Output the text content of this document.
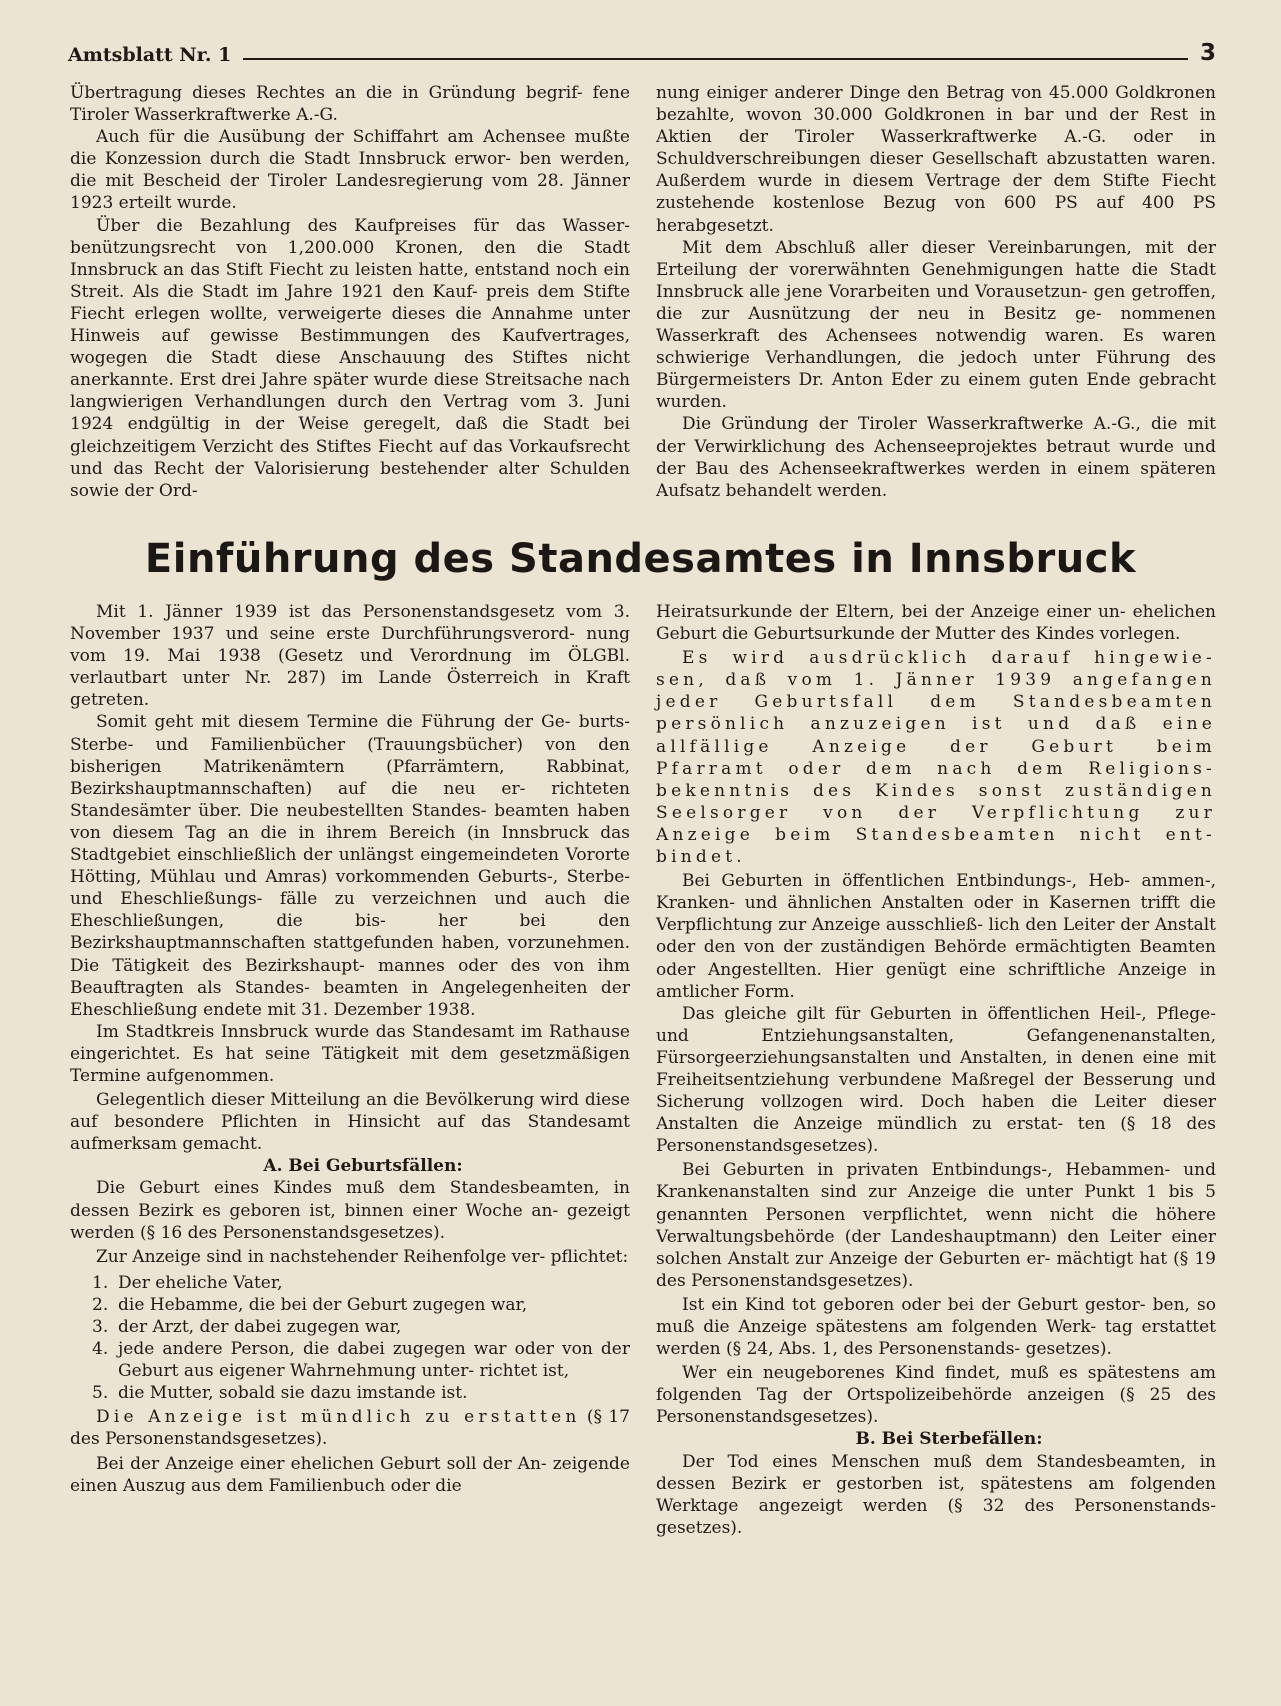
Amtsblatt Nr. 1	3

Übertragung dieses Rechtes an die in Gründung begrif- fene Tiroler Wasserkraftwerke A.-G.

Auch für die Ausübung der Schiffahrt am Achensee mußte die Konzession durch die Stadt Innsbruck erwor- ben werden, die mit Bescheid der Tiroler Landesregierung vom 28. Jänner 1923 erteilt wurde.

Über die Bezahlung des Kaufpreises für das Wasser- benützungsrecht von 1,200.000 Kronen, den die Stadt Innsbruck an das Stift Fiecht zu leisten hatte, entstand noch ein Streit. Als die Stadt im Jahre 1921 den Kauf- preis dem Stifte Fiecht erlegen wollte, verweigerte dieses die Annahme unter Hinweis auf gewisse Bestimmungen des Kaufvertrages, wogegen die Stadt diese Anschauung des Stiftes nicht anerkannte. Erst drei Jahre später wurde diese Streitsache nach langwierigen Verhandlungen durch den Vertrag vom 3. Juni 1924 endgültig in der Weise geregelt, daß die Stadt bei gleichzeitigem Verzicht des Stiftes Fiecht auf das Vorkaufsrecht und das Recht der Valorisierung bestehender alter Schulden sowie der Ord-

nung einiger anderer Dinge den Betrag von 45.000 Goldkronen bezahlte, wovon 30.000 Goldkronen in bar und der Rest in Aktien der Tiroler Wasserkraftwerke A.-G. oder in Schuldverschreibungen dieser Gesellschaft abzustatten waren. Außerdem wurde in diesem Vertrage der dem Stifte Fiecht zustehende kostenlose Bezug von 600 PS auf 400 PS herabgesetzt.

Mit dem Abschluß aller dieser Vereinbarungen, mit der Erteilung der vorerwähnten Genehmigungen hatte die Stadt Innsbruck alle jene Vorarbeiten und Vorausetzun- gen getroffen, die zur Ausnützung der neu in Besitz ge- nommenen Wasserkraft des Achensees notwendig waren. Es waren schwierige Verhandlungen, die jedoch unter Führung des Bürgermeisters Dr. Anton Eder zu einem guten Ende gebracht wurden.

Die Gründung der Tiroler Wasserkraftwerke A.-G., die mit der Verwirklichung des Achenseeprojektes betraut wurde und der Bau des Achenseekraftwerkes werden in einem späteren Aufsatz behandelt werden.

Einführung des Standesamtes in Innsbruck

Mit 1. Jänner 1939 ist das Personenstandsgesetz vom 3. November 1937 und seine erste Durchführungsverord- nung vom 19. Mai 1938 (Gesetz und Verordnung im ÖLGBl. verlautbart unter Nr. 287) im Lande Österreich in Kraft getreten.

Somit geht mit diesem Termine die Führung der Ge- burts- Sterbe- und Familienbücher (Trauungsbücher) von den bisherigen Matrikenämtern (Pfarrämtern, Rabbinat, Bezirkshauptmannschaften) auf die neu er- richteten Standesämter über. Die neubestellten Standes- beamten haben von diesem Tag an die in ihrem Bereich (in Innsbruck das Stadtgebiet einschließlich der unlängst eingemeindeten Vororte Hötting, Mühlau und Amras) vorkommenden Geburts-, Sterbe- und Eheschließungs- fälle zu verzeichnen und auch die Eheschließungen, die bis- her bei den Bezirkshauptmannschaften stattgefunden haben, vorzunehmen. Die Tätigkeit des Bezirkshaupt- mannes oder des von ihm Beauftragten als Standes- beamten in Angelegenheiten der Eheschließung endete mit 31. Dezember 1938.

Im Stadtkreis Innsbruck wurde das Standesamt im Rathause eingerichtet. Es hat seine Tätigkeit mit dem gesetzmäßigen Termine aufgenommen.

Gelegentlich dieser Mitteilung an die Bevölkerung wird diese auf besondere Pflichten in Hinsicht auf das Standesamt aufmerksam gemacht.

A. Bei Geburtsfällen:

Die Geburt eines Kindes muß dem Standesbeamten, in dessen Bezirk es geboren ist, binnen einer Woche an- gezeigt werden (§ 16 des Personenstandsgesetzes).

Zur Anzeige sind in nachstehender Reihenfolge ver- pflichtet:

1. Der eheliche Vater,
2. die Hebamme, die bei der Geburt zugegen war,
3. der Arzt, der dabei zugegen war,
4. jede andere Person, die dabei zugegen war oder von der Geburt aus eigener Wahrnehmung unter- richtet ist,
5. die Mutter, sobald sie dazu imstande ist.

Die Anzeige ist mündlich zu erstatten (§ 17 des Personenstandsgesetzes).

Bei der Anzeige einer ehelichen Geburt soll der An- zeigende einen Auszug aus dem Familienbuch oder die

Heiratsurkunde der Eltern, bei der Anzeige einer un- ehelichen Geburt die Geburtsurkunde der Mutter des Kindes vorlegen.

Es wird ausdrücklich darauf hingewie- sen, daß vom 1. Jänner 1939 angefangen jeder Geburtsfall dem Standesbeamten persönlich anzuzeigen ist und daß eine allfällige Anzeige der Geburt beim Pfarramt oder dem nach dem Religions- bekenntnis des Kindes sonst zuständigen Seelsorger von der Verpflichtung zur Anzeige beim Standesbeamten nicht ent- bindet.

Bei Geburten in öffentlichen Entbindungs-, Heb- ammen-, Kranken- und ähnlichen Anstalten oder in Kasernen trifft die Verpflichtung zur Anzeige ausschließ- lich den Leiter der Anstalt oder den von der zuständigen Behörde ermächtigten Beamten oder Angestellten. Hier genügt eine schriftliche Anzeige in amtlicher Form.

Das gleiche gilt für Geburten in öffentlichen Heil-, Pflege- und Entziehungsanstalten, Gefangenenanstalten, Fürsorgeerziehungsanstalten und Anstalten, in denen eine mit Freiheitsentziehung verbundene Maßregel der Besserung und Sicherung vollzogen wird. Doch haben die Leiter dieser Anstalten die Anzeige mündlich zu erstat- ten (§ 18 des Personenstandsgesetzes).

Bei Geburten in privaten Entbindungs-, Hebammen- und Krankenanstalten sind zur Anzeige die unter Punkt 1 bis 5 genannten Personen verpflichtet, wenn nicht die höhere Verwaltungsbehörde (der Landeshauptmann) den Leiter einer solchen Anstalt zur Anzeige der Geburten er- mächtigt hat (§ 19 des Personenstandsgesetzes).

Ist ein Kind tot geboren oder bei der Geburt gestor- ben, so muß die Anzeige spätestens am folgenden Werk- tag erstattet werden (§ 24, Abs. 1, des Personenstands- gesetzes).

Wer ein neugeborenes Kind findet, muß es spätestens am folgenden Tag der Ortspolizeibehörde anzeigen (§ 25 des Personenstandsgesetzes).

B. Bei Sterbefällen:

Der Tod eines Menschen muß dem Standesbeamten, in dessen Bezirk er gestorben ist, spätestens am folgenden Werktage angezeigt werden (§ 32 des Personenstands- gesetzes).
